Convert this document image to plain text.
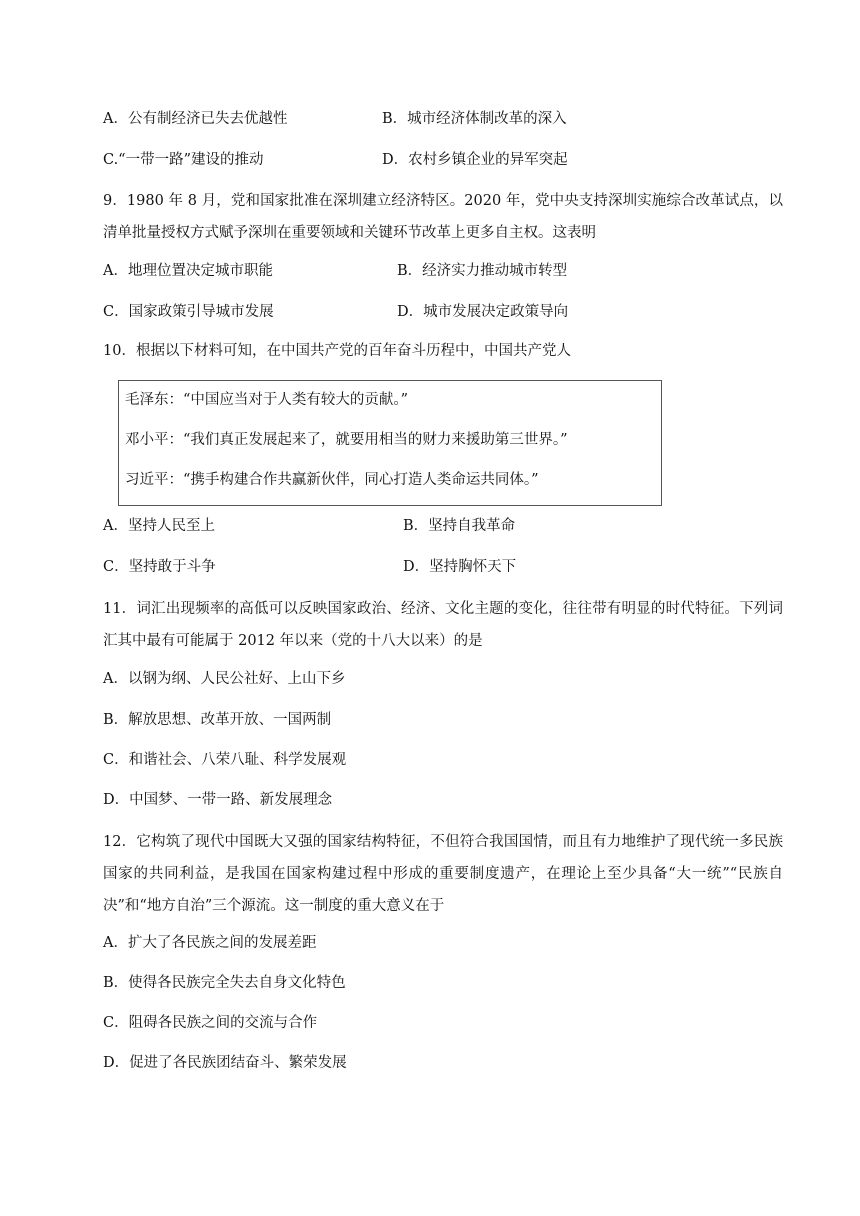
A．公有制经济已失去优越性	B．城市经济体制改革的深入
C.“一带一路”建设的推动	D．农村乡镇企业的异军突起
9．1980 年 8 月，党和国家批准在深圳建立经济特区。2020 年，党中央支持深圳实施综合改革试点，以清单批量授权方式赋予深圳在重要领域和关键环节改革上更多自主权。这表明
A．地理位置决定城市职能	B．经济实力推动城市转型
C．国家政策引导城市发展	D．城市发展决定政策导向
10．根据以下材料可知，在中国共产党的百年奋斗历程中，中国共产党人
毛泽东：“中国应当对于人类有较大的贡献。”
邓小平：“我们真正发展起来了，就要用相当的财力来援助第三世界。”
习近平：“携手构建合作共赢新伙伴，同心打造人类命运共同体。”
A．坚持人民至上	B．坚持自我革命
C．坚持敢于斗争	D．坚持胸怀天下
11．词汇出现频率的高低可以反映国家政治、经济、文化主题的变化，往往带有明显的时代特征。下列词汇其中最有可能属于 2012 年以来（党的十八大以来）的是
A．以钢为纲、人民公社好、上山下乡
B．解放思想、改革开放、一国两制
C．和谐社会、八荣八耻、科学发展观
D．中国梦、一带一路、新发展理念
12．它构筑了现代中国既大又强的国家结构特征，不但符合我国国情，而且有力地维护了现代统一多民族国家的共同利益，是我国在国家构建过程中形成的重要制度遗产，在理论上至少具备“大一统”“民族自决”和“地方自治”三个源流。这一制度的重大意义在于
A．扩大了各民族之间的发展差距
B．使得各民族完全失去自身文化特色
C．阻碍各民族之间的交流与合作
D．促进了各民族团结奋斗、繁荣发展
